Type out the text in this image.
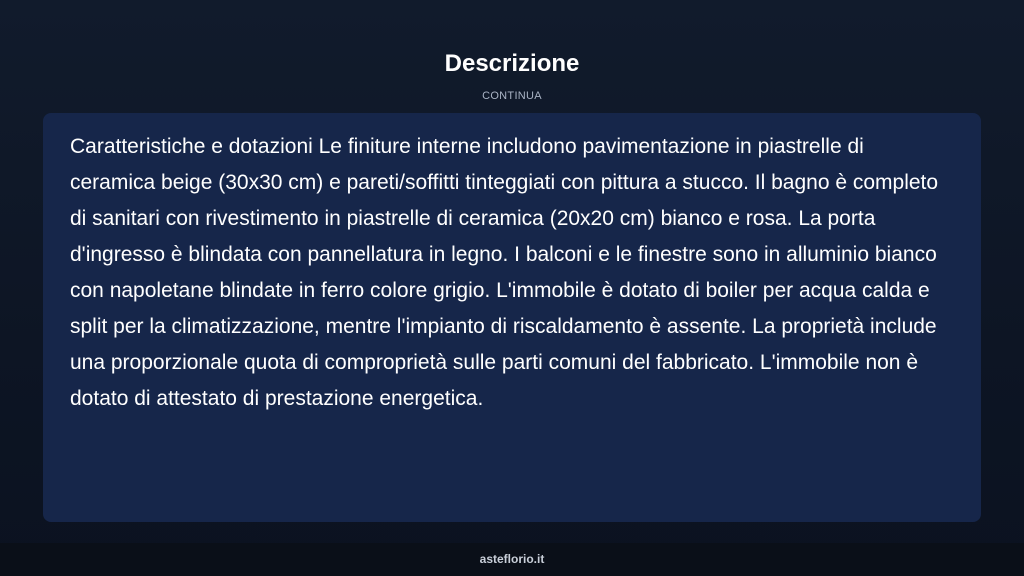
Descrizione
CONTINUA

Caratteristiche e dotazioni Le finiture interne includono pavimentazione in piastrelle di ceramica beige (30x30 cm) e pareti/soffitti tinteggiati con pittura a stucco. Il bagno è completo di sanitari con rivestimento in piastrelle di ceramica (20x20 cm) bianco e rosa. La porta d'ingresso è blindata con pannellatura in legno. I balconi e le finestre sono in alluminio bianco con napoletane blindate in ferro colore grigio. L'immobile è dotato di boiler per acqua calda e split per la climatizzazione, mentre l'impianto di riscaldamento è assente. La proprietà include una proporzionale quota di comproprietà sulle parti comuni del fabbricato. L'immobile non è dotato di attestato di prestazione energetica.

asteflorio.it
